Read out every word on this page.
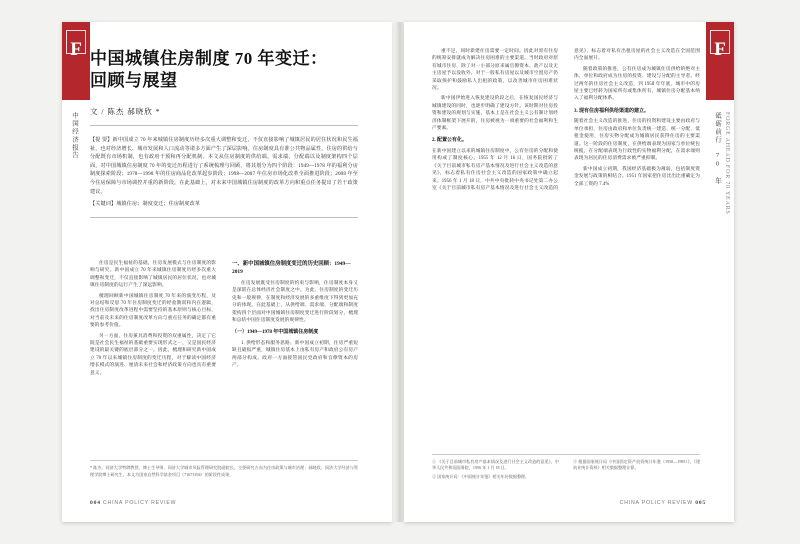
中国城镇住房制度 70 年变迁：
回顾与展望
文 / 陈杰 郝晓欣 *

【提 要】新中国成立 70 年来城镇住房制度历经多次重大调整和变迁，不仅直接影响了城镇居民的居住状况和民生福祉，也对经济增长、城市发展和人口流动等诸多方面产生了深层影响。住房制度具有准公共物品属性，住房的供给与分配既有市场机制，也有政府干预和再分配机制。本文从住房制度的供给端、需求端、分配端以及制度架构四个层面，对中国城镇住房制度 70 年的变迁历程进行了系统梳理与回顾，将其划分为四个阶段：1949—1978 年的福利分房制度探索阶段；1978—1998 年的住房商品化改革起步阶段；1998—2007 年住房市场化改革全面推进阶段；2008 年至今住房保障与市场调控并重的新阶段。在此基础上，对未来中国城镇住房制度的改革方向和重点任务提出了若干政策建议。

【关键词】城镇住房；制度变迁；住房制度改革

住房是民生福祉的基础，住房发展模式与住房制度的影响与研究。新中国成立 70 年来城镇住房制度历经多次重大调整和变迁，不仅直接影响了城镇居民的居住状况，也对城镇住房制度的运行产生了深远影响。

梳理回顾新中国城镇住房制度 70 年来的演变历程，及对总结和反思 70 年住房制度变迁的经验教训和内在逻辑，找出住房制度改革进程中需要坚持的基本原则与核心目标，对当前及未来的住房制度改革方向与重点任务的确定都有重要的参考价值。

另一方面，住房兼具消费和投资的双重属性，决定了它既是社会民生福祉的基础重要实现形式之一，又是国民经济建设的最关键的底层部分之一。因此，梳理和研究新中国成立 70 年以来城镇住房制度的变迁历程，对于解读中国经济增长模式的演进、厘清未来社会和经济政策方向也具有重要意义。

一、新中国城镇住房制度变迁的历史回顾：1949—2019

住房发展既受住房制度的约束与影响，住房制度本身又是深嵌在总体经济社会制度之中。为此，住房制度的变迁历史和一般规律，在制度和经济发展的多重维度下得到更加充分的体现。在此基础上，从供给端、需求端、分配端和制度架构四个层面对中国城镇住房制度变迁进行阶段划分，梳理和总结中国住房制度发展的规律性。

（一）1949—1978 年中国城镇住房制度

1. 供给形态和服务思路。新中国成立初期，住房严重短缺且破损严重，城镇住房基本上由私有房产和政府公有房产两部分构成。政府一方面接管国民党政府和官僚资本的房产。

* 陈杰，同济大学特聘教授、博士生导师，同济大学城市风险管理研究院副院长，主要研究方向为住房政策与城市治理；郝晓欣，同济大学经济与管理学院博士研究生。本文为国家自然科学基金项目（71673194）的阶段性成果。

004 CHINA POLICY REVIEW

重不足，同时新建住房需要一定时间。因此对原有住房的统筹安排就成为解决住房困难的主要渠道。当时政府对原有城市住房，除了对一小部分原来属官僚资本、敌产以及无主房屋予以没收外，对于一般私有房屋以及城市空置房产仍采取保护和鼓励私人出租的政策，以改善城市住房困难状况。

新中国伊始进入恢复建设阶段之后，在恢复国民经济与城镇建设的同时，也逐步明确了建设方针。该时期对住房投资和建设的规划与实施，基本上是在社会主义公有制计划经济体制框架下展开的，住房被视为一项重要的社会福利和生产要素。

2. 配置公有化。

在新中国建立以来的城镇住房制度中，公有住房的分配和使用构成了制度核心。1955 年 12 月 16 日，国务院批转了《关于目前城市私有房产基本情况及进行社会主义改造的意见》，标志着私有住房社会主义改造的国家政策中确立起来。1956 年 1 月 18 日，中共中央批转中央书记处第二办公室《关于目前城市私有房产基本情况及进行社会主义改造的意见》，标志着对私有出租房屋的社会主义改造在全国范围内全面展开。

随着政策的推进，公有住房成为城镇住房供给的绝对主体，单位和政府成为住房的投资、建设与分配的主导者。经过两年的住房社会主义改造，到 1958 年年底，城市中的房屋主要已经转为国家所有或集体所有，城镇住房分配基本纳入了福利分配体系。

3. 现有住房福利供给渠道的建立。

随着社会主义改造的推进，住房的投资和建设主要由政府与单位承担，住房由政府和单位负责统一建造、统一分配、低租金使用，住房实物分配成为城镇居民获得住房的主要渠道。这一阶段的住房制度，在供给端表现为国家与单位统包统揽，在分配端表现为行政性的实物福利分配，在需求端则表现为居民的住房消费需求被严重抑制。

新中国成立初期，我国经济基础极为薄弱，包括制度资金发展与政策的相结合。1951 年国家把住房比出比重确定为全部工资的 7.4%

① 《关于目前城市私有房产基本情况及进行社会主义改造的意见》，中华人民共和国国务院，1956 年 1 月 18 日。

② 国家统计局：《中国统计年鉴》相关年份数据整理。

③ 根据国家统计局《中国固定资产投资统计年鉴（1950—1985）》、《建筑业统计资料》相关数据整理计算。

CHINA POLICY REVIEW 005
F	F
中国经济报告	砥砺前行 70 年 FORGE AHEAD FOR 70 YEARS
